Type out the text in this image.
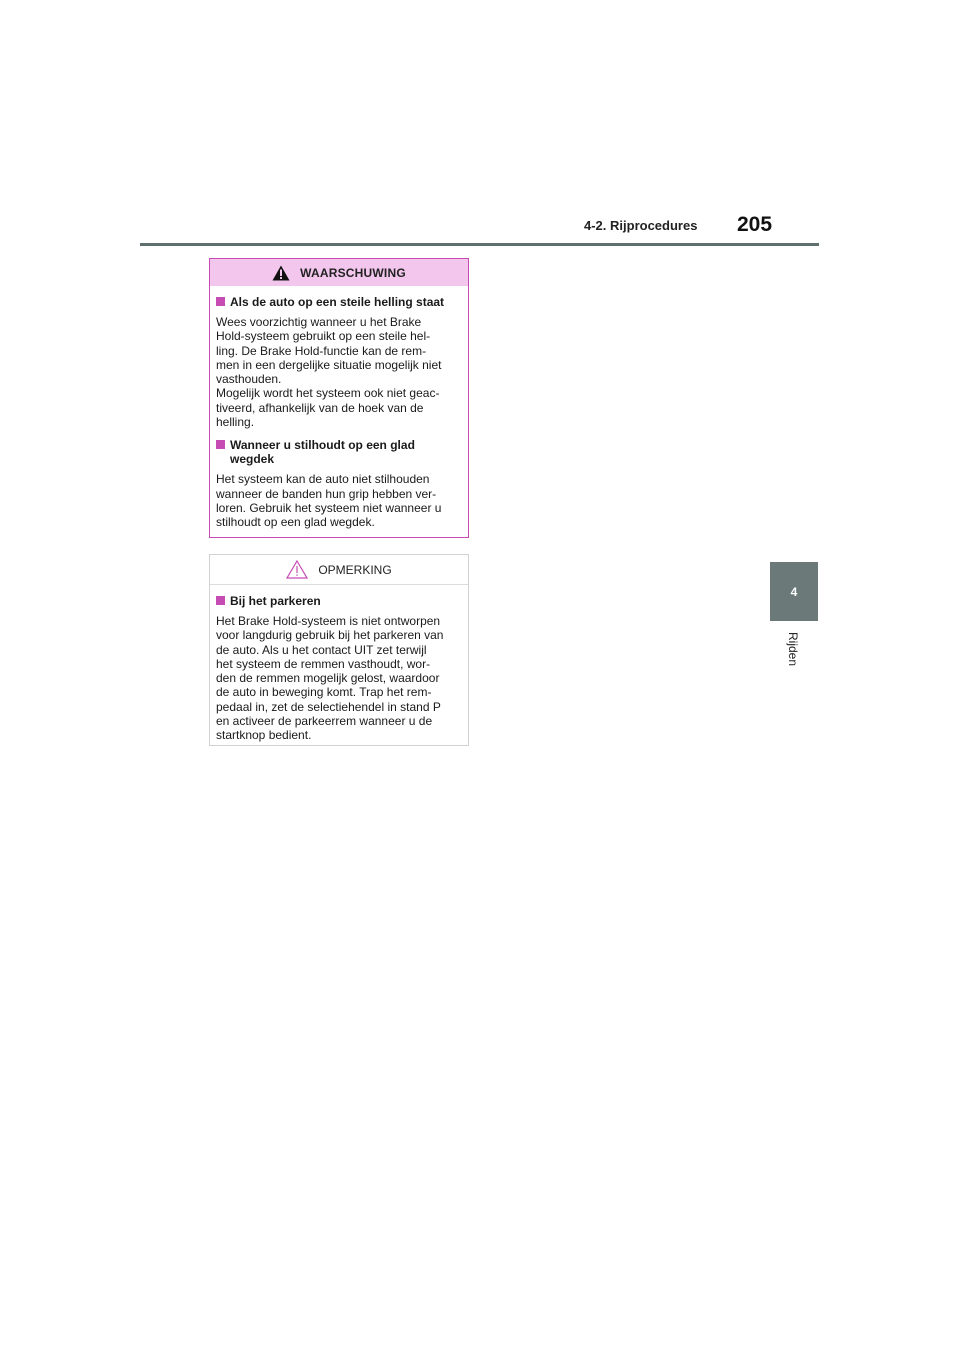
4-2. Rijprocedures 205
4
Rijden
WAARSCHUWING
Als de auto op een steile helling staat
Wees voorzichtig wanneer u het Brake
Hold-systeem gebruikt op een steile hel-
ling. De Brake Hold-functie kan de rem-
men in een dergelijke situatie mogelijk niet
vasthouden.
Mogelijk wordt het systeem ook niet geac-
tiveerd, afhankelijk van de hoek van de
helling.
Wanneer u stilhoudt op een glad
wegdek
Het systeem kan de auto niet stilhouden
wanneer de banden hun grip hebben ver-
loren. Gebruik het systeem niet wanneer u
stilhoudt op een glad wegdek.
OPMERKING
Bij het parkeren
Het Brake Hold-systeem is niet ontworpen
voor langdurig gebruik bij het parkeren van
de auto. Als u het contact UIT zet terwijl
het systeem de remmen vasthoudt, wor-
den de remmen mogelijk gelost, waardoor
de auto in beweging komt. Trap het rem-
pedaal in, zet de selectiehendel in stand P
en activeer de parkeerrem wanneer u de
startknop bedient.
